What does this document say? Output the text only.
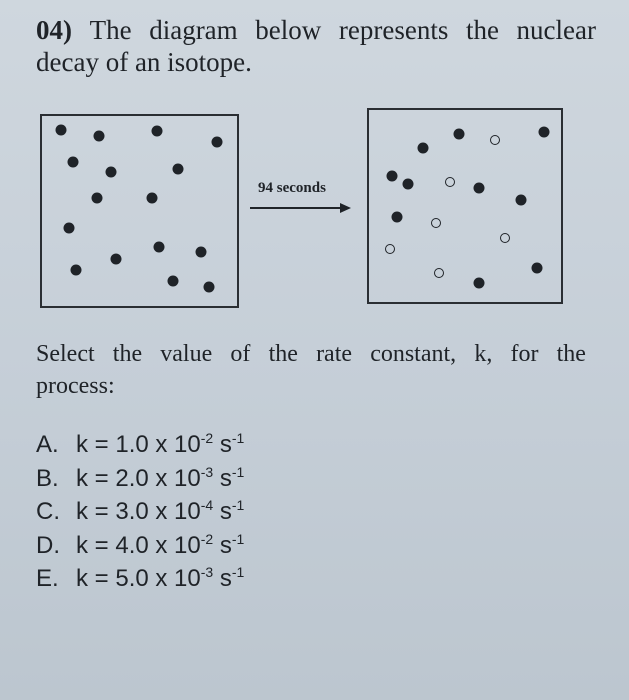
04) The diagram below represents the nuclear
decay of an isotope.
94 seconds
Select the value of the rate constant, k, for the
process:
A. k = 1.0 x $10^{-2}$ $s^{-1}$
B. k = 2.0 x $10^{-3}$ $s^{-1}$
C. k = 3.0 x $10^{-4}$ $s^{-1}$
D. k = 4.0 x $10^{-2}$ $s^{-1}$
E. k = 5.0 x $10^{-3}$ $s^{-1}$
